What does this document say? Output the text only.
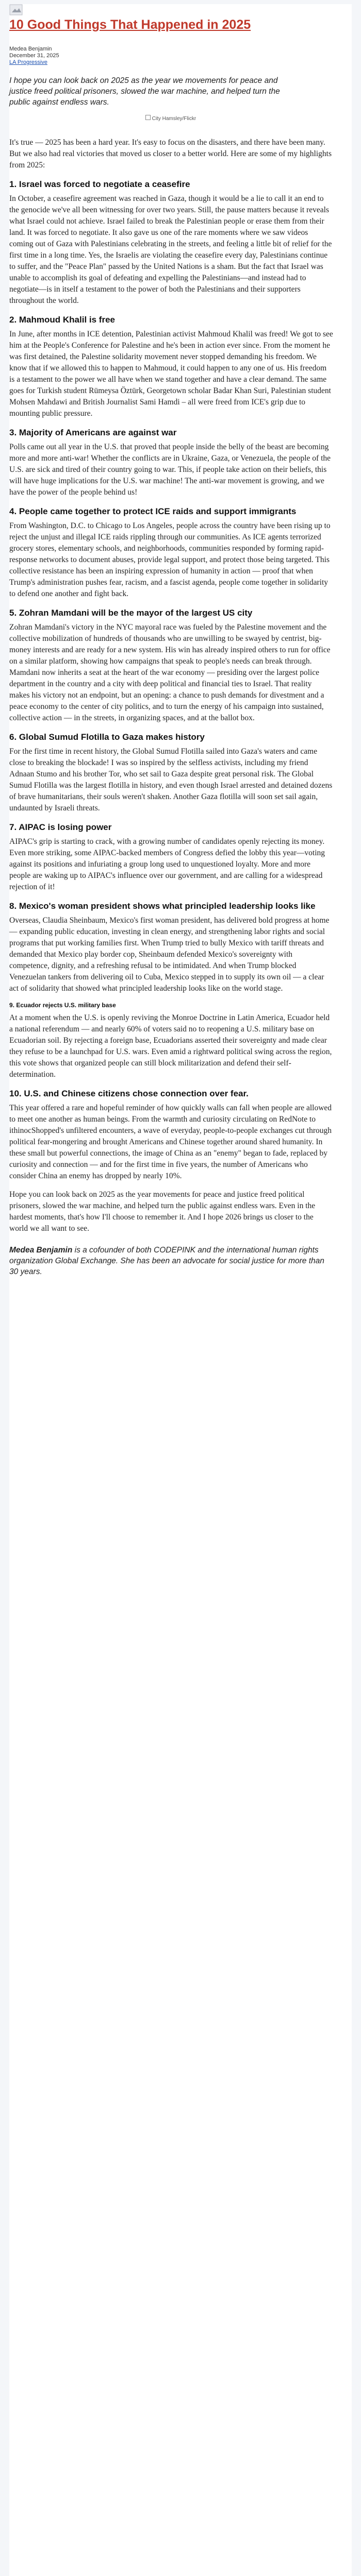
10 Good Things That Happened in 2025
Medea Benjamin
December 31, 2025
LA Progressive
I hope you can look back on 2025 as the year we movements for peace and justice freed political prisoners, slowed the war machine, and helped turn the public against endless wars.
City Hamsley/Flickr

It's true — 2025 has been a hard year. It's easy to focus on the disasters, and there have been many. But we also had real victories that moved us closer to a better world. Here are some of my highlights from 2025:

1. Israel was forced to negotiate a ceasefire

In October, a ceasefire agreement was reached in Gaza, though it would be a lie to call it an end to the genocide we've all been witnessing for over two years. Still, the pause matters because it reveals what Israel could not achieve. Israel failed to break the Palestinian people or erase them from their land. It was forced to negotiate. It also gave us one of the rare moments where we saw videos coming out of Gaza with Palestinians celebrating in the streets, and feeling a little bit of relief for the first time in a long time. Yes, the Israelis are violating the ceasefire every day, Palestinians continue to suffer, and the "Peace Plan" passed by the United Nations is a sham. But the fact that Israel was unable to accomplish its goal of defeating and expelling the Palestinians—and instead had to negotiate—is in itself a testament to the power of both the Palestinians and their supporters throughout the world.

2. Mahmoud Khalil is free

In June, after months in ICE detention, Palestinian activist Mahmoud Khalil was freed! We got to see him at the People's Conference for Palestine and he's been in action ever since. From the moment he was first detained, the Palestine solidarity movement never stopped demanding his freedom. We know that if we allowed this to happen to Mahmoud, it could happen to any one of us. His freedom is a testament to the power we all have when we stand together and have a clear demand. The same goes for Turkish student Rümeysa Öztürk, Georgetown scholar Badar Khan Suri, Palestinian student Mohsen Mahdawi and British Journalist Sami Hamdi – all were freed from ICE's grip due to mounting public pressure.

3. Majority of Americans are against war

Polls came out all year in the U.S. that proved that people inside the belly of the beast are becoming more and more anti-war! Whether the conflicts are in Ukraine, Gaza, or Venezuela, the people of the U.S. are sick and tired of their country going to war. This, if people take action on their beliefs, this will have huge implications for the U.S. war machine! The anti-war movement is growing, and we have the power of the people behind us!

4. People came together to protect ICE raids and support immigrants

From Washington, D.C. to Chicago to Los Angeles, people across the country have been rising up to reject the unjust and illegal ICE raids rippling through our communities. As ICE agents terrorized grocery stores, elementary schools, and neighborhoods, communities responded by forming rapid-response networks to document abuses, provide legal support, and protect those being targeted. This collective resistance has been an inspiring expression of humanity in action — proof that when Trump's administration pushes fear, racism, and a fascist agenda, people come together in solidarity to defend one another and fight back.

5. Zohran Mamdani will be the mayor of the largest US city

Zohran Mamdani's victory in the NYC mayoral race was fueled by the Palestine movement and the collective mobilization of hundreds of thousands who are unwilling to be swayed by centrist, big-money interests and are ready for a new system. His win has already inspired others to run for office on a similar platform, showing how campaigns that speak to people's needs can break through. Mamdani now inherits a seat at the heart of the war economy — presiding over the largest police department in the country and a city with deep political and financial ties to Israel. That reality makes his victory not an endpoint, but an opening: a chance to push demands for divestment and a peace economy to the center of city politics, and to turn the energy of his campaign into sustained, collective action — in the streets, in organizing spaces, and at the ballot box.

6. Global Sumud Flotilla to Gaza makes history

For the first time in recent history, the Global Sumud Flotilla sailed into Gaza's waters and came close to breaking the blockade! I was so inspired by the selfless activists, including my friend Adnaan Stumo and his brother Tor, who set sail to Gaza despite great personal risk. The Global Sumud Flotilla was the largest flotilla in history, and even though Israel arrested and detained dozens of brave humanitarians, their souls weren't shaken. Another Gaza flotilla will soon set sail again, undaunted by Israeli threats.

7. AIPAC is losing power

AIPAC's grip is starting to crack, with a growing number of candidates openly rejecting its money. Even more striking, some AIPAC-backed members of Congress defied the lobby this year—voting against its positions and infuriating a group long used to unquestioned loyalty. More and more people are waking up to AIPAC's influence over our government, and are calling for a widespread rejection of it!

8. Mexico's woman president shows what principled leadership looks like

Overseas, Claudia Sheinbaum, Mexico's first woman president, has delivered bold progress at home — expanding public education, investing in clean energy, and strengthening labor rights and social programs that put working families first. When Trump tried to bully Mexico with tariff threats and demanded that Mexico play border cop, Sheinbaum defended Mexico's sovereignty with competence, dignity, and a refreshing refusal to be intimidated. And when Trump blocked Venezuelan tankers from delivering oil to Cuba, Mexico stepped in to supply its own oil — a clear act of solidarity that showed what principled leadership looks like on the world stage.

9. Ecuador rejects U.S. military base

At a moment when the U.S. is openly reviving the Monroe Doctrine in Latin America, Ecuador held a national referendum — and nearly 60% of voters said no to reopening a U.S. military base on Ecuadorian soil. By rejecting a foreign base, Ecuadorians asserted their sovereignty and made clear they refuse to be a launchpad for U.S. wars. Even amid a rightward political swing across the region, this vote shows that organized people can still block militarization and defend their self-determination.

10. U.S. and Chinese citizens chose connection over fear.

This year offered a rare and hopeful reminder of how quickly walls can fall when people are allowed to meet one another as human beings. From the warmth and curiosity circulating on RedNote to ithinocShopped's unfiltered encounters, a wave of everyday, people-to-people exchanges cut through political fear-mongering and brought Americans and Chinese together around shared humanity. In these small but powerful connections, the image of China as an "enemy" began to fade, replaced by curiosity and connection — and for the first time in five years, the number of Americans who consider China an enemy has dropped by nearly 10%.

Hope you can look back on 2025 as the year movements for peace and justice freed political prisoners, slowed the war machine, and helped turn the public against endless wars. Even in the hardest moments, that's how I'll choose to remember it. And I hope 2026 brings us closer to the world we all want to see.

Medea Benjamin is a cofounder of both CODEPINK and the international human rights organization Global Exchange. She has been an advocate for social justice for more than 30 years.
